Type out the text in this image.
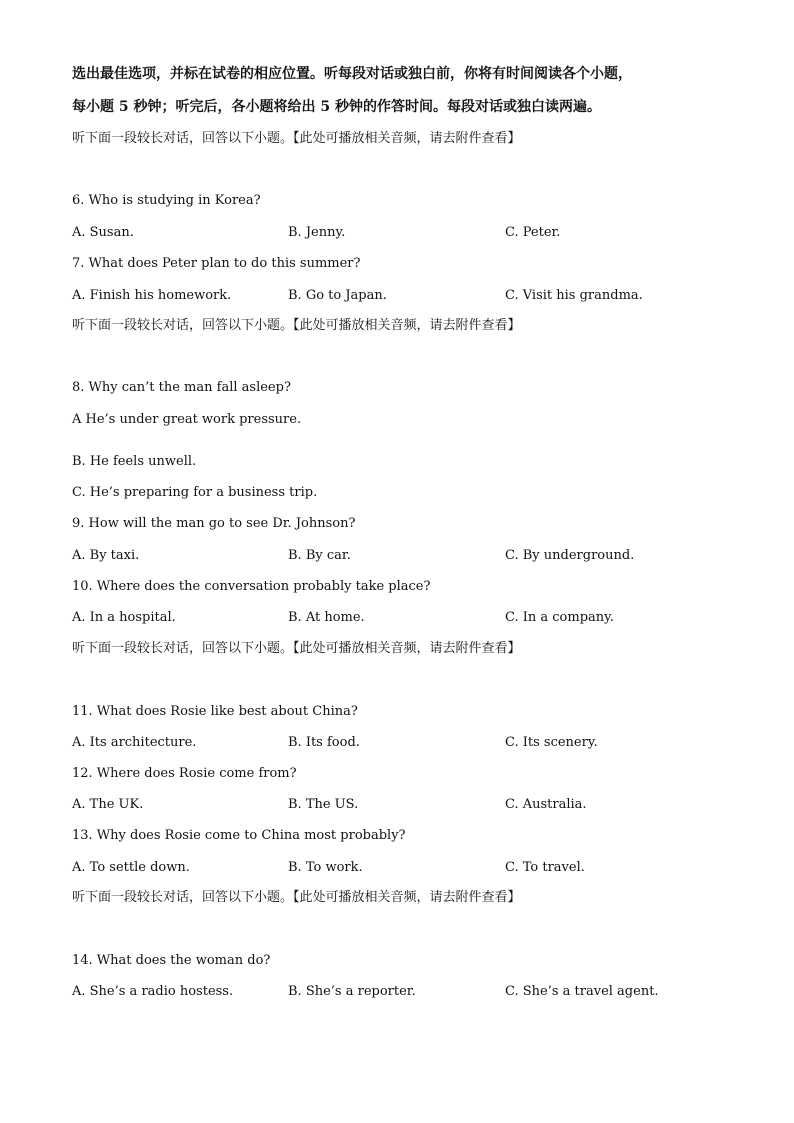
选出最佳选项，并标在试卷的相应位置。听每段对话或独白前，你将有时间阅读各个小题，
每小题 5 秒钟；听完后，各小题将给出 5 秒钟的作答时间。每段对话或独白读两遍。
听下面一段较长对话，回答以下小题。【此处可播放相关音频，请去附件查看】
6. Who is studying in Korea?
A. Susan.	B. Jenny.	C. Peter.
7. What does Peter plan to do this summer?
A. Finish his homework.	B. Go to Japan.	C. Visit his grandma.
听下面一段较长对话，回答以下小题。【此处可播放相关音频，请去附件查看】
8. Why can’t the man fall asleep?
A He’s under great work pressure.
B. He feels unwell.
C. He’s preparing for a business trip.
9. How will the man go to see Dr. Johnson?
A. By taxi.	B. By car.	C. By underground.
10. Where does the conversation probably take place?
A. In a hospital.	B. At home.	C. In a company.
听下面一段较长对话，回答以下小题。【此处可播放相关音频，请去附件查看】
11. What does Rosie like best about China?
A. Its architecture.	B. Its food.	C. Its scenery.
12. Where does Rosie come from?
A. The UK.	B. The US.	C. Australia.
13. Why does Rosie come to China most probably?
A. To settle down.	B. To work.	C. To travel.
听下面一段较长对话，回答以下小题。【此处可播放相关音频，请去附件查看】
14. What does the woman do?
A. She’s a radio hostess.	B. She’s a reporter.	C. She’s a travel agent.
